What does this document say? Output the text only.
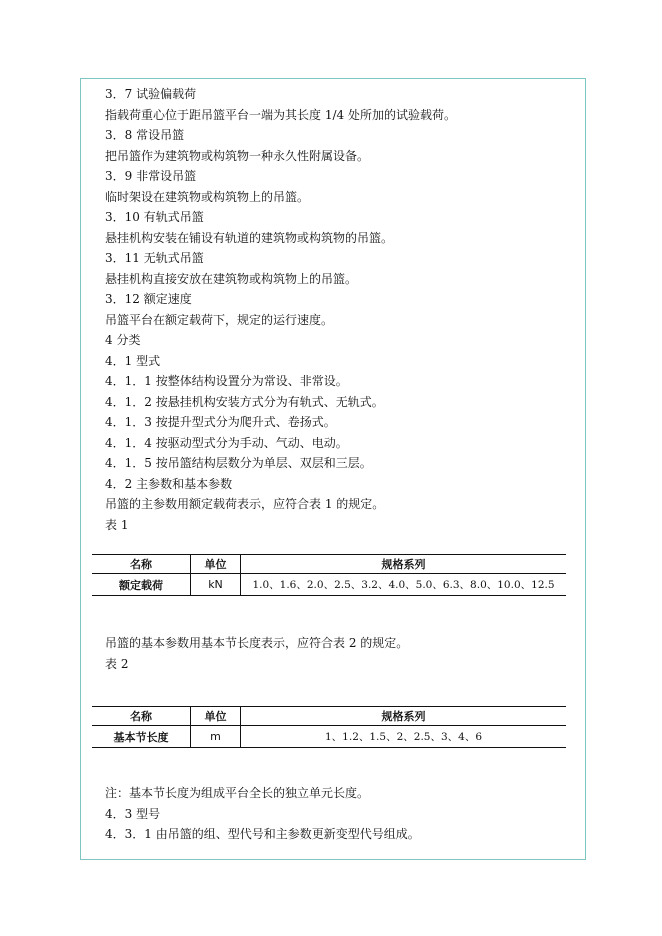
3．7 试验偏载荷
指载荷重心位于距吊篮平台一端为其长度 1/4 处所加的试验载荷。
3．8 常设吊篮
把吊篮作为建筑物或构筑物一种永久性附属设备。
3．9 非常设吊篮
临时架设在建筑物或构筑物上的吊篮。
3．10 有轨式吊篮
悬挂机构安装在铺设有轨道的建筑物或构筑物的吊篮。
3．11 无轨式吊篮
悬挂机构直接安放在建筑物或构筑物上的吊篮。
3．12 额定速度
吊篮平台在额定载荷下，规定的运行速度。
4 分类
4．1 型式
4．1．1 按整体结构设置分为常设、非常设。
4．1．2 按悬挂机构安装方式分为有轨式、无轨式。
4．1．3 按提升型式分为爬升式、卷扬式。
4．1．4 按驱动型式分为手动、气动、电动。
4．1．5 按吊篮结构层数分为单层、双层和三层。
4．2 主参数和基本参数
吊篮的主参数用额定载荷表示，应符合表 1 的规定。
表 1
名称	单位	规格系列
额定载荷	kN	1.0、1.6、2.0、2.5、3.2、4.0、5.0、6.3、8.0、10.0、12.5
吊篮的基本参数用基本节长度表示，应符合表 2 的规定。
表 2
名称	单位	规格系列
基本节长度	m	1、1.2、1.5、2、2.5、3、4、6
注：基本节长度为组成平台全长的独立单元长度。
4．3 型号
4．3．1 由吊篮的组、型代号和主参数更新变型代号组成。
